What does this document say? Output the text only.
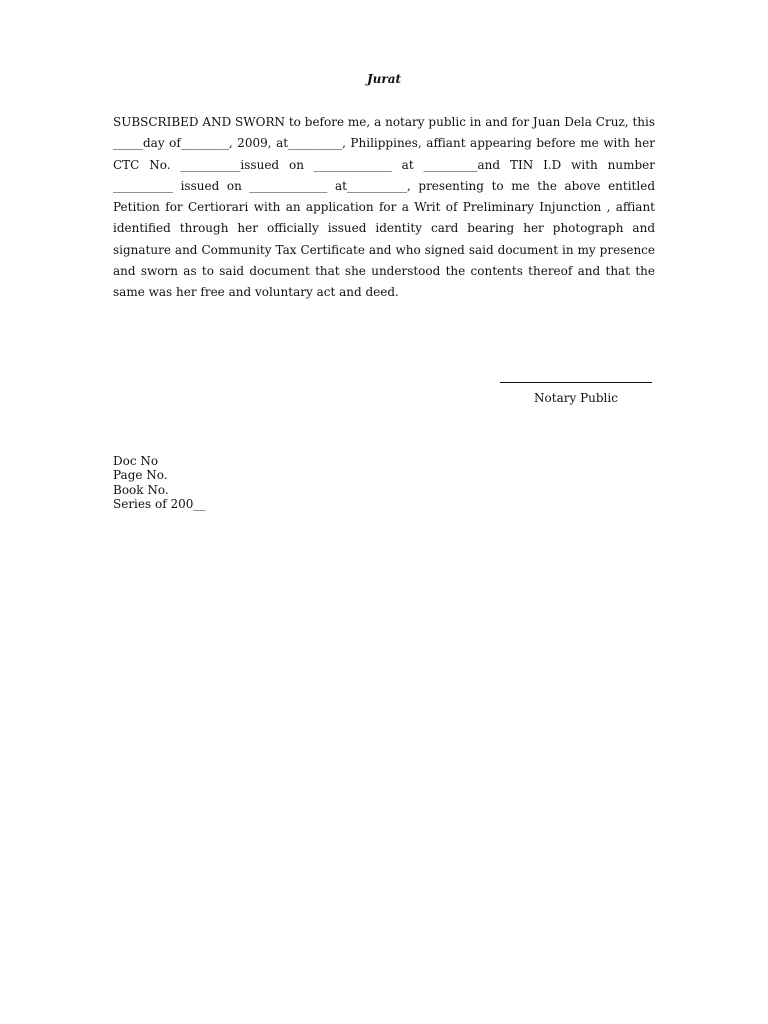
Jurat

SUBSCRIBED AND SWORN to before me, a notary public in and for Juan Dela Cruz, this _____day of________, 2009, at_________, Philippines, affiant appearing before me with her CTC No. __________issued on _____________ at _________and TIN I.D with number __________ issued on _____________ at__________, presenting to me the above entitled Petition for Certiorari with an application for a Writ of Preliminary Injunction , affiant identified through her officially issued identity card bearing her photograph and signature and Community Tax Certificate and who signed said document in my presence and sworn as to said document that she understood the contents thereof and that the same was her free and voluntary act and deed.

Notary Public
Doc No
Page No.
Book No.
Series of 200__
